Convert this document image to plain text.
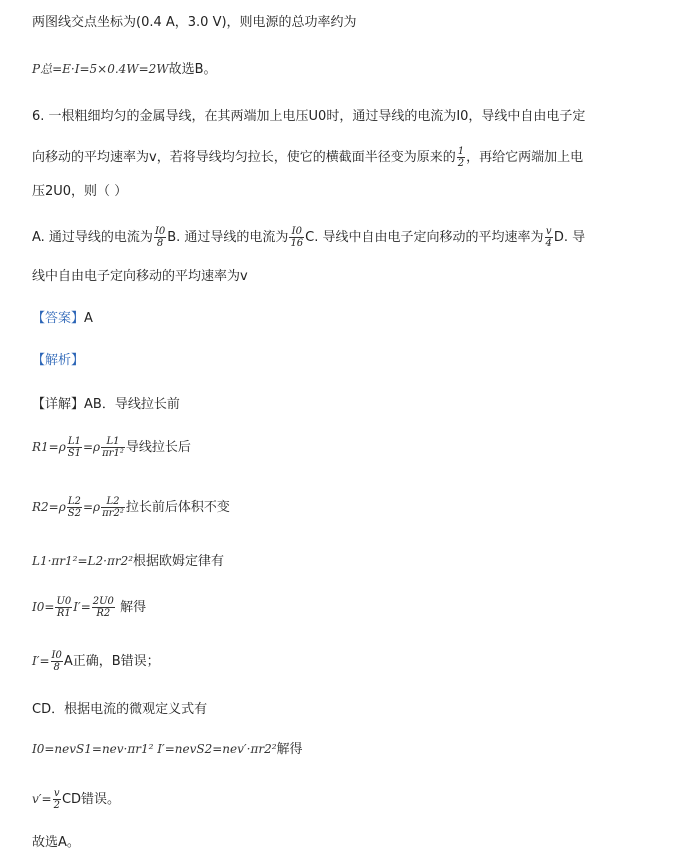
两图线交点坐标为(0.4 A，3.0 V)，则电源的总功率约为
P总=E·I=5×0.4W=2W故选B。
6. 一根粗细均匀的金属导线，在其两端加上电压U0时，通过导线的电流为I0，导线中自由电子定
向移动的平均速率为v，若将导线均匀拉长，使它的横截面半径变为原来的 $\frac{1}{2}$ ，再给它两端加上电
压2U0，则（ ）
A. 通过导线的电流为 $\frac{I0}{8} B$. 通过导线的电流为 $\frac{I0}{16} C$. 导线中自由电子定向移动的平均速率为 $\frac{v}{4} D$. 导
线中自由电子定向移动的平均速率为v
【答案】A
【解析】
【详解】AB．导线拉长前
$R1=\rho \frac{L1}{S1} =\rho \frac{L1}{\text{πr1²}}$ 导线拉长后
$R2=\rho \frac{L2}{S2} =\rho \frac{L2}{\text{πr2²}}$ 拉长前后体积不变
L1·πr1²=L2·πr2²根据欧姆定律有
$I0= \frac{U0}{R1} I'= \frac{2U0}{R2}$ 解得
$I'= \frac{I0}{8}$ A正确，B错误；
CD．根据电流的微观定义式有
I0=nevS1=nev·πr1² I′=nevS2=nev′·πr2²解得
$v'= \frac{v}{2}$ CD错误。
故选A。
